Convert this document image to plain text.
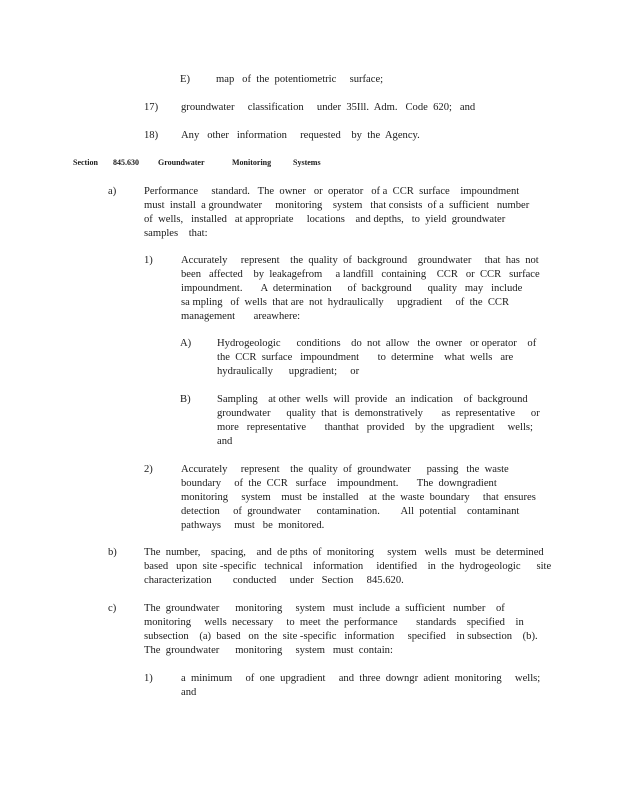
E) map   of  the  potentiometric     surface;
17) groundwater     classification     under  35Ill.  Adm.   Code  620;   and
18) Any   other   information     requested    by  the  Agency.
Section 845.630 Groundwater	Monitoring	Systems
a)	Performance     standard.   The  owner   or  operator   of a  CCR  surface    impoundment
must  install  a groundwater     monitoring    system   that consists  of a  sufficient   number
of  wells,   installed   at appropriate     locations    and depths,   to  yield  groundwater
samples    that:
1)	Accurately     represent    the  quality  of  background    groundwater     that  has  not
been   affected    by  leakagefrom     a landfill   containing    CCR   or  CCR   surface
impoundment.       A  determination      of  background      quality   may   include
sa mpling   of  wells  that are  not  hydraulically     upgradient     of  the  CCR
management       areawhere:
A) Hydrogeologic      conditions    do  not  allow   the  owner   or operator    of
the  CCR  surface   impoundment       to  determine    what  wells   are
hydraulically      upgradient;     or
B) Sampling    at other  wells  will  provide   an  indication    of  background
groundwater      quality  that  is  demonstratively       as  representative      or
more   representative       thanthat   provided    by  the  upgradient     wells;
and
2)	Accurately     represent    the  quality  of  groundwater      passing   the  waste
boundary     of  the  CCR   surface    impoundment.       The  downgradient
monitoring     system    must  be  installed    at  the  waste  boundary     that  ensures
detection     of  groundwater      contamination.        All  potential    contaminant
pathways     must   be  monitored.
b)	The  number,    spacing,    and  de pths  of  monitoring     system   wells   must  be  determined
based   upon  site -specific   technical    information     identified    in  the  hydrogeologic      site
characterization        conducted     under   Section     845.620.
c)	The  groundwater      monitoring     system   must  include  a  sufficient   number    of
monitoring     wells  necessary     to  meet  the  performance       standards    specified    in
subsection    (a)  based   on  the  site -specific   information     specified    in subsection    (b).
The  groundwater      monitoring     system   must  contain:
1)	a  minimum     of  one  upgradient     and  three  downgr  adient  monitoring     wells;
and
